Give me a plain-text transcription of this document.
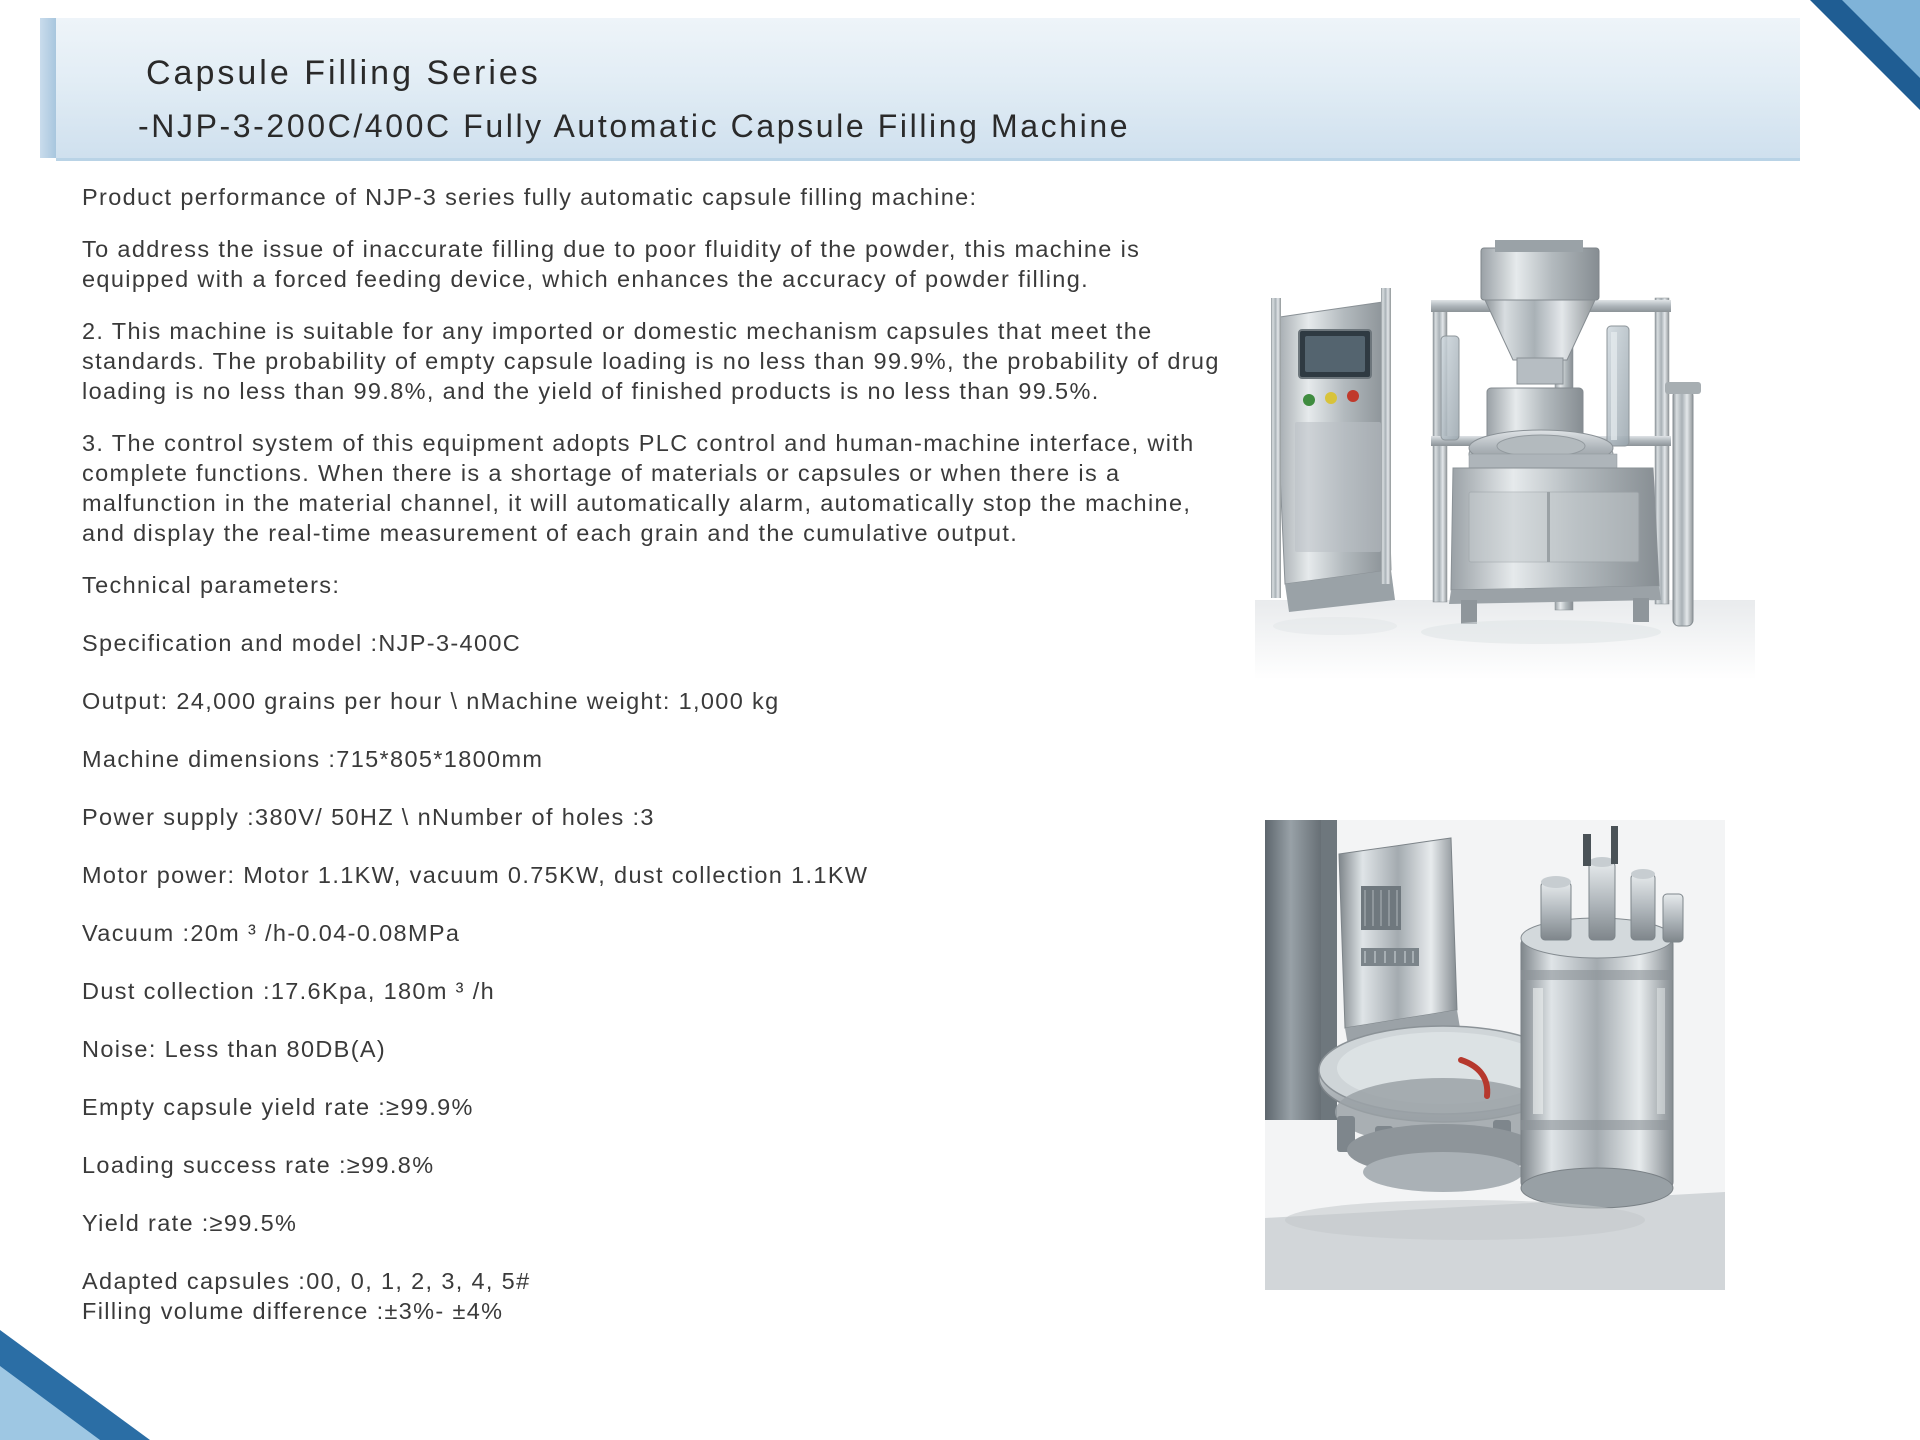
Capsule Filling Series
-NJP-3-200C/400C Fully Automatic Capsule Filling Machine

Product performance of NJP-3 series fully automatic capsule filling machine:

To address the issue of inaccurate filling due to poor fluidity of the powder, this machine is equipped with a forced feeding device, which enhances the accuracy of powder filling.

2. This machine is suitable for any imported or domestic mechanism capsules that meet the standards. The probability of empty capsule loading is no less than 99.9%, the probability of drug loading is no less than 99.8%, and the yield of finished products is no less than 99.5%.

3. The control system of this equipment adopts PLC control and human-machine interface, with complete functions. When there is a shortage of materials or capsules or when there is a malfunction in the material channel, it will automatically alarm, automatically stop the machine, and display the real-time measurement of each grain and the cumulative output.

Technical parameters:

Specification and model :NJP-3-400C

Output: 24,000 grains per hour \ nMachine weight: 1,000 kg

Machine dimensions :715*805*1800mm

Power supply :380V/ 50HZ \ nNumber of holes :3

Motor power: Motor 1.1KW, vacuum 0.75KW, dust collection 1.1KW

Vacuum :20m ³ /h-0.04-0.08MPa

Dust collection :17.6Kpa, 180m ³ /h

Noise: Less than 80DB(A)

Empty capsule yield rate :≥99.9%

Loading success rate :≥99.8%

Yield rate :≥99.5%

Adapted capsules :00, 0, 1, 2, 3, 4, 5#

Filling volume difference :±3%- ±4%
